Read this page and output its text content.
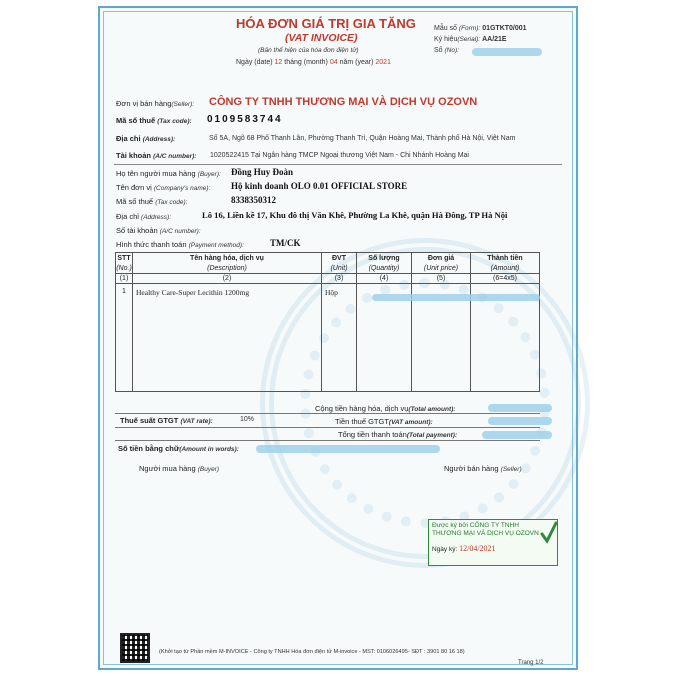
HÓA ĐƠN GIÁ TRỊ GIA TĂNG
(VAT INVOICE)
(Bản thể hiện của hóa đơn điện tử)
Ngày (date) 12 tháng (month) 04 năm (year) 2021
Mẫu số (Form): 01GTKT0/001
Ký hiệu(Serial): AA/21E
Số (No):
Đơn vị bán hàng(Seller): CÔNG TY TNHH THƯƠNG MẠI VÀ DỊCH VỤ OZOVN
Mã số thuế (Tax code): 0109583744
Địa chỉ (Address):	Số 5A, Ngõ 68 Phố Thanh Lân, Phường Thanh Trì, Quận Hoàng Mai, Thành phố Hà Nội, Việt Nam
Tài khoản (A/C number): 1020522415 Tại Ngân hàng TMCP Ngoại thương Việt Nam - Chi Nhánh Hoàng Mai
Họ tên người mua hàng (Buyer): Đồng Huy Đoàn
Tên đơn vị (Company's name): Hộ kinh doanh OLO 0.01 OFFICIAL STORE
Mã số thuế (Tax code):	8338350312
Địa chỉ (Address):	Lô 16, Liền kề 17, Khu đô thị Văn Khê, Phường La Khê, quận Hà Đông, TP Hà Nội
Số tài khoản (A/C number):
Hình thức thanh toán (Payment method):	TM/CK
STT	Tên hàng hóa, dịch vụ	ĐVT	Số lượng	Đơn giá	Thành tiền
(No.)	(Description)	(Unit)	(Quantity)	(Unit price)	(Amount)
(1)	(2)	(3)	(4)	(5)	(6=4x5)
1	Healthy Care-Super Lecithin 1200mg	Hộp			
Cộng tiền hàng hóa, dịch vụ(Total amount):
Thuế suất GTGT (VAT rate):	10%	Tiền thuế GTGT(VAT amount):
Tổng tiền thanh toán(Total payment):
Số tiền bằng chữ(Amount in words):
Người mua hàng (Buyer)	Người bán hàng (Seller)
Được ký bởi CÔNG TY TNHH
THƯƠNG MẠI VÀ DỊCH VỤ OZOVN
Ngày ký: 12/04/2021
(Khởi tạo từ Phần mềm M-INVOICE - Công ty TNHH Hóa đơn điện tử M-invoice - MST: 0106026495- SĐT : 3901 80 16 18)
Trang 1/2
